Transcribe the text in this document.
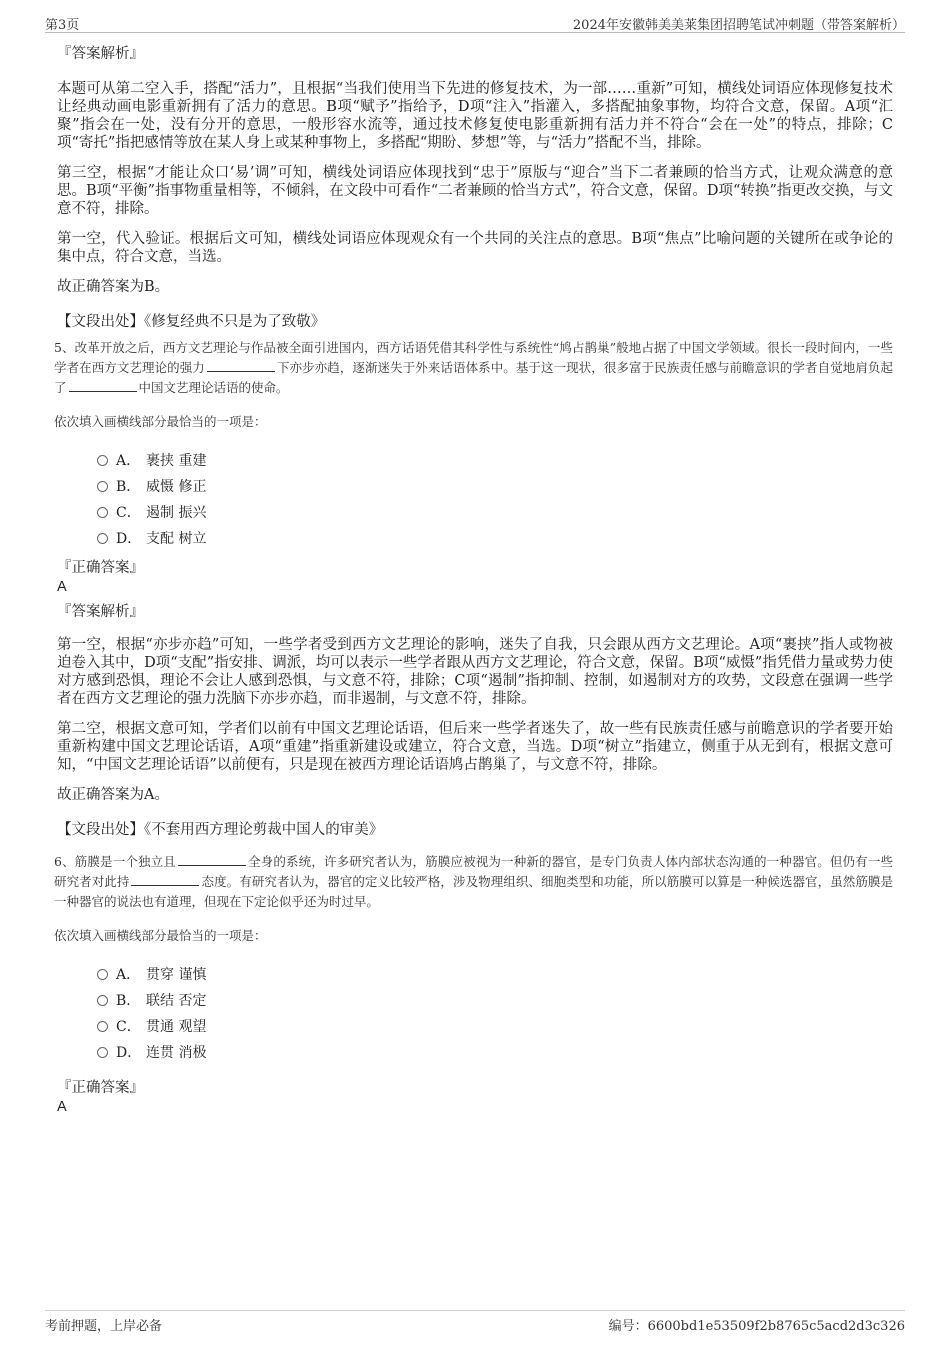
第3页	2024年安徽韩美美莱集团招聘笔试冲刺题（带答案解析）

『答案解析』

本题可从第二空入手，搭配“活力”，且根据“当我们使用当下先进的修复技术，为一部……重新”可知，横线处词语应体现修复技术让经典动画电影重新拥有了活力的意思。B项“赋予”指给予，D项“注入”指灌入，多搭配抽象事物，均符合文意，保留。A项“汇聚”指会在一处，没有分开的意思，一般形容水流等，通过技术修复使电影重新拥有活力并不符合“会在一处”的特点，排除；C项“寄托”指把感情等放在某人身上或某种事物上，多搭配“期盼、梦想”等，与“活力”搭配不当，排除。

第三空，根据“才能让众口‘易’调”可知，横线处词语应体现找到“忠于”原版与“迎合”当下二者兼顾的恰当方式，让观众满意的意思。B项“平衡”指事物重量相等，不倾斜，在文段中可看作“二者兼顾的恰当方式”，符合文意，保留。D项“转换”指更改交换，与文意不符，排除。

第一空，代入验证。根据后文可知，横线处词语应体现观众有一个共同的关注点的意思。B项“焦点”比喻问题的关键所在或争论的集中点，符合文意，当选。

故正确答案为B。

【文段出处】《修复经典不只是为了致敬》

5、改革开放之后，西方文艺理论与作品被全面引进国内，西方话语凭借其科学性与系统性“鸠占鹊巢”般地占据了中国文学领域。很长一段时间内，一些学者在西方文艺理论的强力	下亦步亦趋，逐渐迷失于外来话语体系中。基于这一现状，很多富于民族责任感与前瞻意识的学者自觉地肩负起了	中国文艺理论话语的使命。

依次填入画横线部分最恰当的一项是：

A． 裹挟 重建
B． 威慑 修正
C． 遏制 振兴
D． 支配 树立

『正确答案』

A

『答案解析』

第一空，根据“亦步亦趋”可知，一些学者受到西方文艺理论的影响，迷失了自我，只会跟从西方文艺理论。A项“裹挟”指人或物被迫卷入其中，D项“支配”指安排、调派，均可以表示一些学者跟从西方文艺理论，符合文意，保留。B项“威慑”指凭借力量或势力使对方感到恐惧，理论不会让人感到恐惧，与文意不符，排除；C项“遏制”指抑制、控制，如遏制对方的攻势，文段意在强调一些学者在西方文艺理论的强力洗脑下亦步亦趋，而非遏制，与文意不符，排除。

第二空，根据文意可知，学者们以前有中国文艺理论话语，但后来一些学者迷失了，故一些有民族责任感与前瞻意识的学者要开始重新构建中国文艺理论话语，A项“重建”指重新建设或建立，符合文意，当选。D项“树立”指建立，侧重于从无到有，根据文意可知，“中国文艺理论话语”以前便有，只是现在被西方理论话语鸠占鹊巢了，与文意不符，排除。

故正确答案为A。

【文段出处】《不套用西方理论剪裁中国人的审美》

6、筋膜是一个独立且	全身的系统，许多研究者认为，筋膜应被视为一种新的器官，是专门负责人体内部状态沟通的一种器官。但仍有一些研究者对此持	态度。有研究者认为，器官的定义比较严格，涉及物理组织、细胞类型和功能，所以筋膜可以算是一种候选器官，虽然筋膜是一种器官的说法也有道理，但现在下定论似乎还为时过早。

依次填入画横线部分最恰当的一项是：

A． 贯穿 谨慎
B． 联结 否定
C． 贯通 观望
D． 连贯 消极

『正确答案』

A

考前押题，上岸必备	编号：6600bd1e53509f2b8765c5acd2d3c326
